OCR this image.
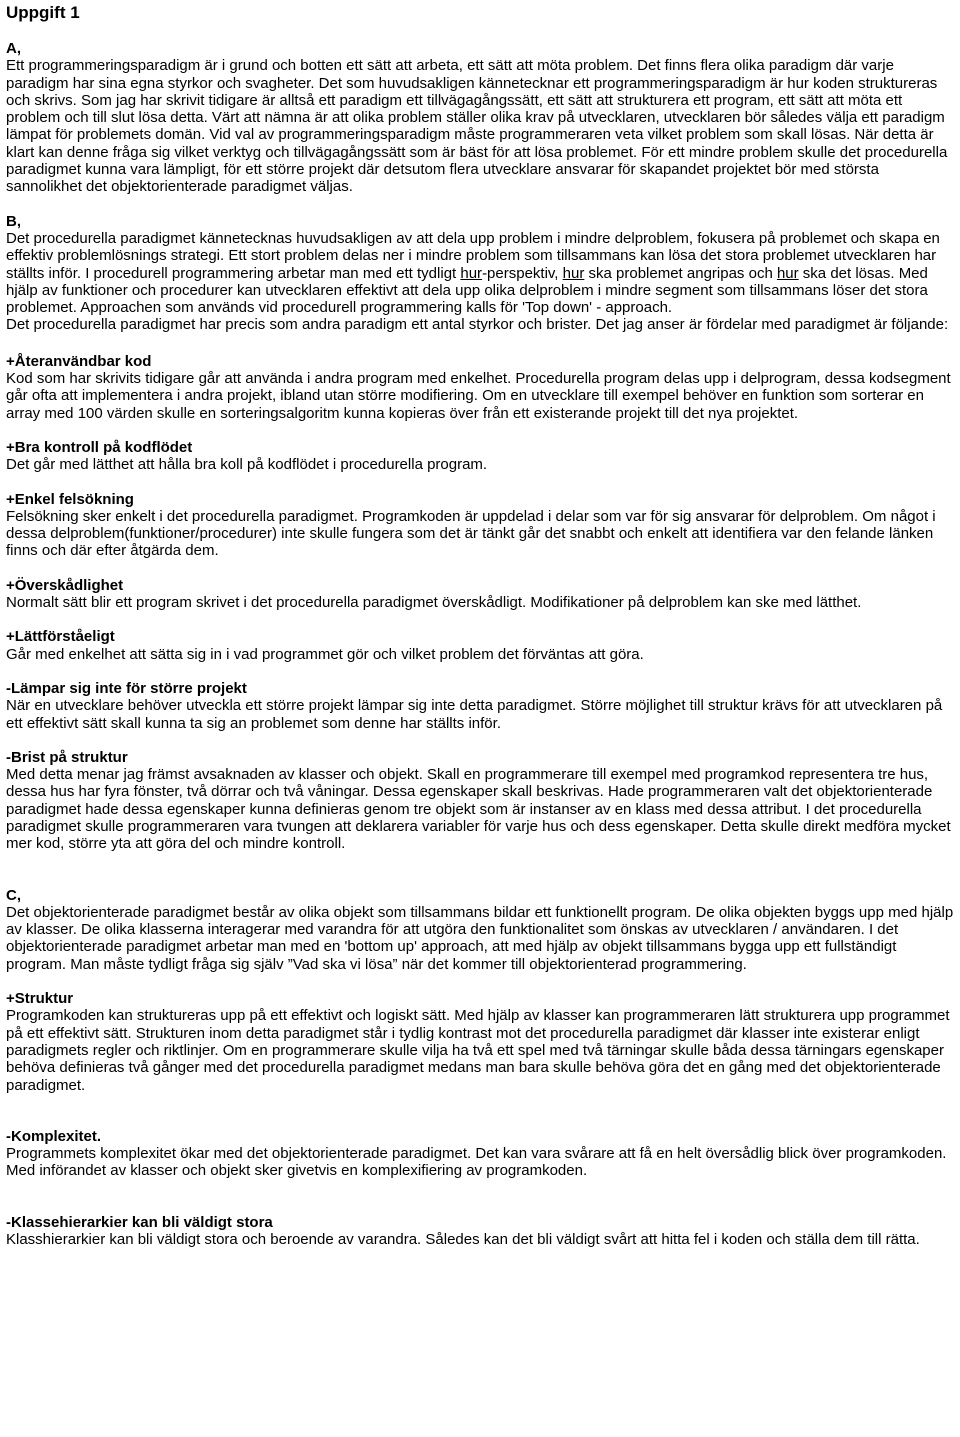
Uppgift 1
A,

Ett programmeringsparadigm är i grund och botten ett sätt att arbeta, ett sätt att möta problem. Det finns flera olika paradigm där varje paradigm har sina egna styrkor och svagheter. Det som huvudsakligen kännetecknar ett programmeringsparadigm är hur koden struktureras och skrivs. Som jag har skrivit tidigare är alltså ett paradigm ett tillvägagångssätt, ett sätt att strukturera ett program, ett sätt att möta ett problem och till slut lösa detta. Värt att nämna är att olika problem ställer olika krav på utvecklaren, utvecklaren bör således välja ett paradigm lämpat för problemets domän. Vid val av programmeringsparadigm måste programmeraren veta vilket problem som skall lösas. När detta är klart kan denne fråga sig vilket verktyg och tillvägagångssätt som är bäst för att lösa problemet. För ett mindre problem skulle det procedurella paradigmet kunna vara lämpligt, för ett större projekt där detsutom flera utvecklare ansvarar för skapandet projektet bör med största sannolikhet det objektorienterade paradigmet väljas.

B,

Det procedurella paradigmet kännetecknas huvudsakligen av att dela upp problem i mindre delproblem, fokusera på problemet och skapa en effektiv problemlösnings strategi. Ett stort problem delas ner i mindre problem som tillsammans kan lösa det stora problemet utvecklaren har ställts inför. I procedurell programmering arbetar man med ett tydligt hur-perspektiv, hur ska problemet angripas och hur ska det lösas. Med hjälp av funktioner och procedurer kan utvecklaren effektivt att dela upp olika delproblem i mindre segment som tillsammans löser det stora problemet. Approachen som används vid procedurell programmering kalls för 'Top down' - approach.

Det procedurella paradigmet har precis som andra paradigm ett antal styrkor och brister. Det jag anser är fördelar med paradigmet är följande:

+Återanvändbar kod

Kod som har skrivits tidigare går att använda i andra program med enkelhet. Procedurella program delas upp i delprogram, dessa kodsegment går ofta att implementera i andra projekt, ibland utan större modifiering. Om en utvecklare till exempel behöver en funktion som sorterar en array med 100 värden skulle en sorteringsalgoritm kunna kopieras över från ett existerande projekt till det nya projektet.

+Bra kontroll på kodflödet

Det går med lätthet att hålla bra koll på kodflödet i procedurella program.

+Enkel felsökning

Felsökning sker enkelt i det procedurella paradigmet. Programkoden är uppdelad i delar som var för sig ansvarar för delproblem. Om något i dessa delproblem(funktioner/procedurer) inte skulle fungera som det är tänkt går det snabbt och enkelt att identifiera var den felande länken finns och där efter åtgärda dem.

+Överskådlighet

Normalt sätt blir ett program skrivet i det procedurella paradigmet överskådligt. Modifikationer på delproblem kan ske med lätthet.

+Lättförståeligt

Går med enkelhet att sätta sig in i vad programmet gör och vilket problem det förväntas att göra.

-Lämpar sig inte för större projekt

När en utvecklare behöver utveckla ett större projekt lämpar sig inte detta paradigmet. Större möjlighet till struktur krävs för att utvecklaren på ett effektivt sätt skall kunna ta sig an problemet som denne har ställts inför.

-Brist på struktur

Med detta menar jag främst avsaknaden av klasser och objekt. Skall en programmerare till exempel med programkod representera tre hus, dessa hus har fyra fönster, två dörrar och två våningar. Dessa egenskaper skall beskrivas. Hade programmeraren valt det objektorienterade paradigmet hade dessa egenskaper kunna definieras genom tre objekt som är instanser av en klass med dessa attribut. I det procedurella paradigmet skulle programmeraren vara tvungen att deklarera variabler för varje hus och dess egenskaper. Detta skulle direkt medföra mycket mer kod, större yta att göra del och mindre kontroll.

C,

Det objektorienterade paradigmet består av olika objekt som tillsammans bildar ett funktionellt program. De olika objekten byggs upp med hjälp av klasser. De olika klasserna interagerar med varandra för att utgöra den funktionalitet som önskas av utvecklaren / användaren. I det objektorienterade paradigmet arbetar man med en 'bottom up' approach, att med hjälp av objekt tillsammans bygga upp ett fullständigt program. Man måste tydligt fråga sig själv ”Vad ska vi lösa” när det kommer till objektorienterad programmering.

+Struktur

Programkoden kan struktureras upp på ett effektivt och logiskt sätt. Med hjälp av klasser kan programmeraren lätt strukturera upp programmet på ett effektivt sätt. Strukturen inom detta paradigmet står i tydlig kontrast mot det procedurella paradigmet där klasser inte existerar enligt paradigmets regler och riktlinjer. Om en programmerare skulle vilja ha två ett spel med två tärningar skulle båda dessa tärningars egenskaper behöva definieras två gånger med det procedurella paradigmet medans man bara skulle behöva göra det en gång med det objektorienterade paradigmet.

-Komplexitet.

Programmets komplexitet ökar med det objektorienterade paradigmet. Det kan vara svårare att få en helt översådlig blick över programkoden. Med införandet av klasser och objekt sker givetvis en komplexifiering av programkoden.

-Klassehierarkier kan bli väldigt stora

Klasshierarkier kan bli väldigt stora och beroende av varandra. Således kan det bli väldigt svårt att hitta fel i koden och ställa dem till rätta.
